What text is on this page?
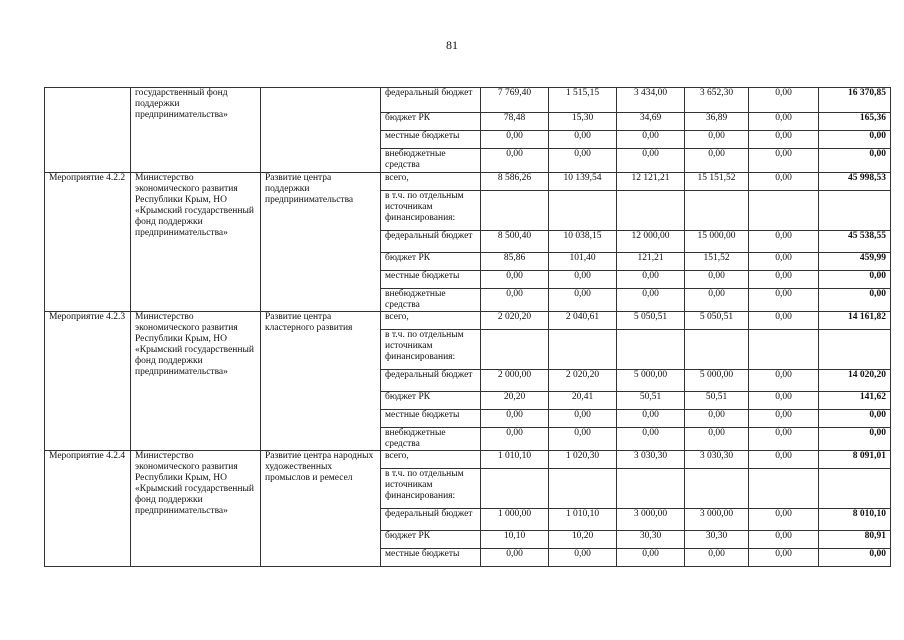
81
	государственный фонд поддержки предпринимательства»		федеральный бюджет	7 769,40	1 515,15	3 434,00	3 652,30	0,00	16 370,85
			бюджет РК	78,48	15,30	34,69	36,89	0,00	165,36
			местные бюджеты	0,00	0,00	0,00	0,00	0,00	0,00
			внебюджетные средства	0,00	0,00	0,00	0,00	0,00	0,00
Мероприятие 4.2.2	Министерство экономического развития Республики Крым, НО «Крымский государственный фонд поддержки предпринимательства»	Развитие центра поддержки предпринимательства	всего,	8 586,26	10 139,54	12 121,21	15 151,52	0,00	45 998,53
			в т.ч. по отдельным источникам финансирования:						
			федеральный бюджет	8 500,40	10 038,15	12 000,00	15 000,00	0,00	45 538,55
			бюджет РК	85,86	101,40	121,21	151,52	0,00	459,99
			местные бюджеты	0,00	0,00	0,00	0,00	0,00	0,00
			внебюджетные средства	0,00	0,00	0,00	0,00	0,00	0,00
Мероприятие 4.2.3	Министерство экономического развития Республики Крым, НО «Крымский государственный фонд поддержки предпринимательства»	Развитие центра кластерного развития	всего,	2 020,20	2 040,61	5 050,51	5 050,51	0,00	14 161,82
			в т.ч. по отдельным источникам финансирования:						
			федеральный бюджет	2 000,00	2 020,20	5 000,00	5 000,00	0,00	14 020,20
			бюджет РК	20,20	20,41	50,51	50,51	0,00	141,62
			местные бюджеты	0,00	0,00	0,00	0,00	0,00	0,00
			внебюджетные средства	0,00	0,00	0,00	0,00	0,00	0,00
Мероприятие 4.2.4	Министерство экономического развития Республики Крым, НО «Крымский государственный фонд поддержки предпринимательства»	Развитие центра народных художественных промыслов и ремесел	всего,	1 010,10	1 020,30	3 030,30	3 030,30	0,00	8 091,01
			в т.ч. по отдельным источникам финансирования:						
			федеральный бюджет	1 000,00	1 010,10	3 000,00	3 000,00	0,00	8 010,10
			бюджет РК	10,10	10,20	30,30	30,30	0,00	80,91
			местные бюджеты	0,00	0,00	0,00	0,00	0,00	0,00
